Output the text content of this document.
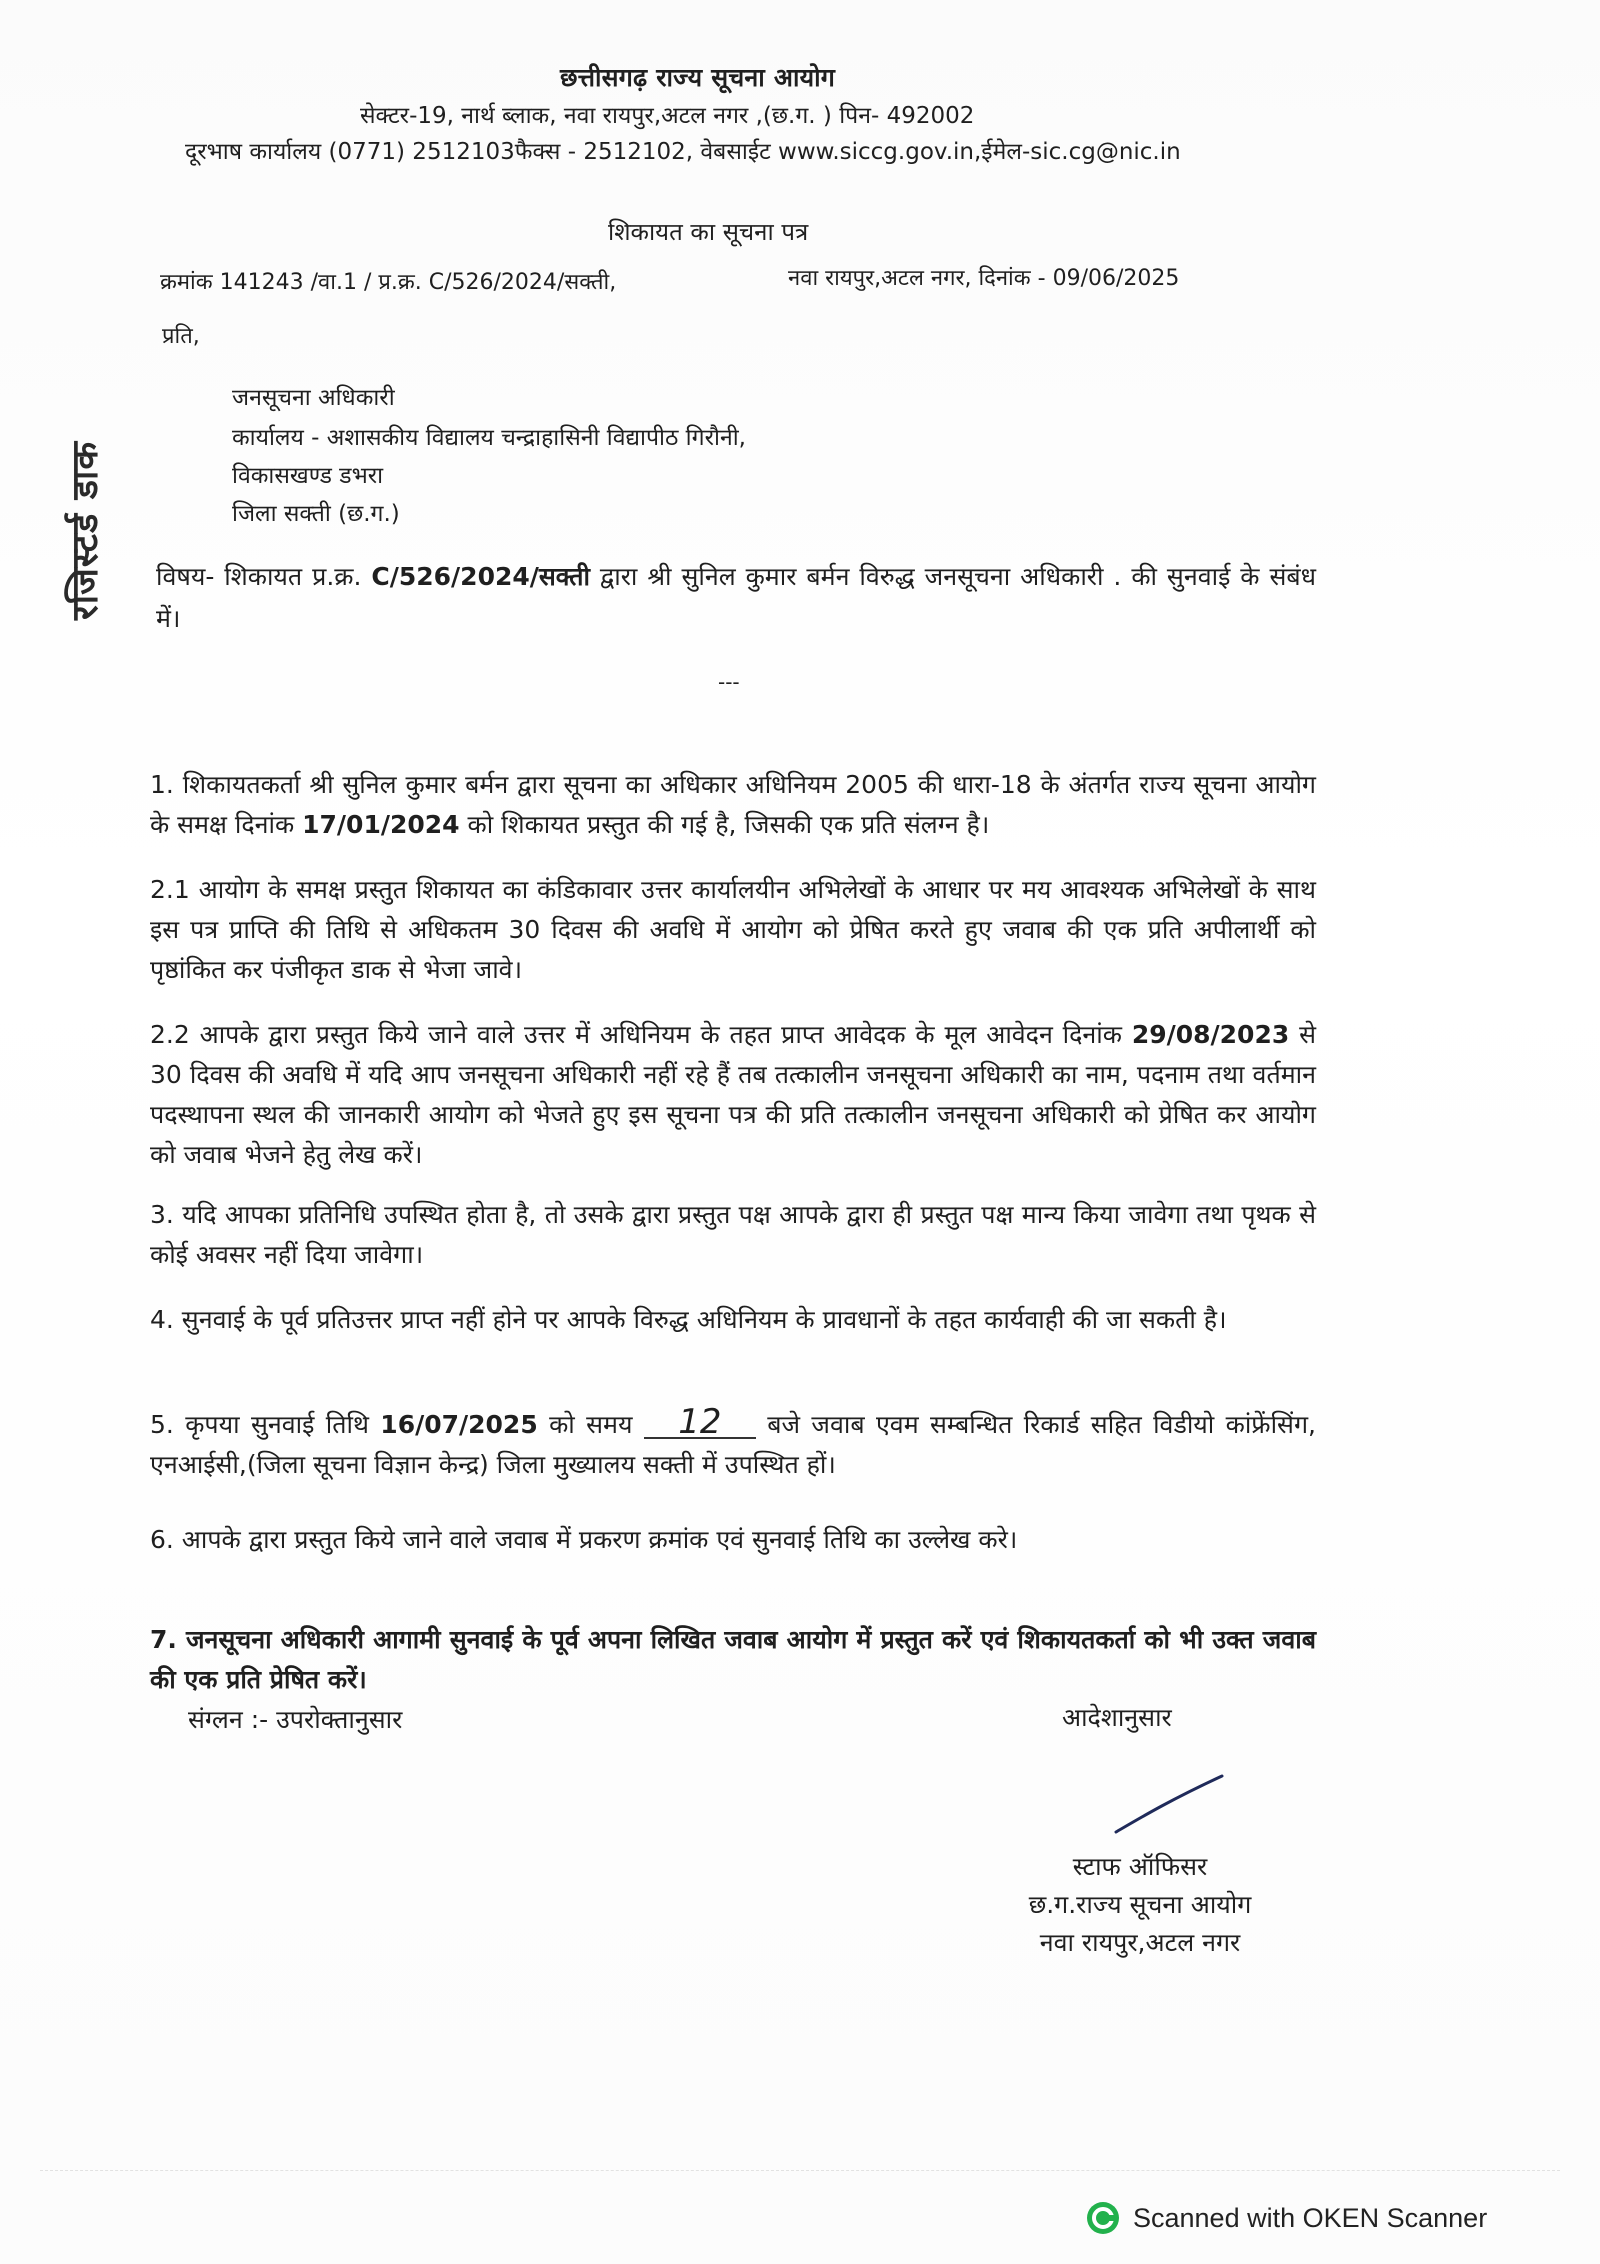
छत्तीसगढ़ राज्य सूचना आयोग
सेक्टर-19, नार्थ ब्लाक, नवा रायपुर,अटल नगर ,(छ.ग. ) पिन- 492002
दूरभाष कार्यालय (0771) 2512103फैक्स - 2512102, वेबसाईट www.siccg.gov.in,ईमेल-sic.cg@nic.in
शिकायत का सूचना पत्र
क्रमांक 141243 /वा.1 / प्र.क्र. C/526/2024/सक्ती,	नवा रायपुर,अटल नगर, दिनांक - 09/06/2025
प्रति,
जनसूचना अधिकारी
कार्यालय - अशासकीय विद्यालय चन्द्राहासिनी विद्यापीठ गिरौनी,
विकासखण्ड डभरा
जिला सक्ती (छ.ग.)
रजिस्टर्ड डाक विषय- शिकायत प्र.क्र. C/526/2024/सक्ती द्वारा श्री सुनिल कुमार बर्मन विरुद्ध जनसूचना अधिकारी . की सुनवाई के संबंध में।
---
1. शिकायतकर्ता श्री सुनिल कुमार बर्मन द्वारा सूचना का अधिकार अधिनियम 2005 की धारा-18 के अंतर्गत राज्य सूचना आयोग के समक्ष दिनांक 17/01/2024 को शिकायत प्रस्तुत की गई है, जिसकी एक प्रति संलग्न है।
2.1 आयोग के समक्ष प्रस्तुत शिकायत का कंडिकावार उत्तर कार्यालयीन अभिलेखों के आधार पर मय आवश्यक अभिलेखों के साथ इस पत्र प्राप्ति की तिथि से अधिकतम 30 दिवस की अवधि में आयोग को प्रेषित करते हुए जवाब की एक प्रति अपीलार्थी को पृष्ठांकित कर पंजीकृत डाक से भेजा जावे।
2.2 आपके द्वारा प्रस्तुत किये जाने वाले उत्तर में अधिनियम के तहत प्राप्त आवेदक के मूल आवेदन दिनांक 29/08/2023 से 30 दिवस की अवधि में यदि आप जनसूचना अधिकारी नहीं रहे हैं तब तत्कालीन जनसूचना अधिकारी का नाम, पदनाम तथा वर्तमान पदस्थापना स्थल की जानकारी आयोग को भेजते हुए इस सूचना पत्र की प्रति तत्कालीन जनसूचना अधिकारी को प्रेषित कर आयोग को जवाब भेजने हेतु लेख करें।
3. यदि आपका प्रतिनिधि उपस्थित होता है, तो उसके द्वारा प्रस्तुत पक्ष आपके द्वारा ही प्रस्तुत पक्ष मान्य किया जावेगा तथा पृथक से कोई अवसर नहीं दिया जावेगा।
4. सुनवाई के पूर्व प्रतिउत्तर प्राप्त नहीं होने पर आपके विरुद्ध अधिनियम के प्रावधानों के तहत कार्यवाही की जा सकती है।
5. कृपया सुनवाई तिथि 16/07/2025 को समय 12 बजे जवाब एवम सम्बन्धित रिकार्ड सहित विडीयो कांफ्रेंसिंग, एनआईसी,(जिला सूचना विज्ञान केन्द्र) जिला मुख्यालय सक्ती में उपस्थित हों।
6. आपके द्वारा प्रस्तुत किये जाने वाले जवाब में प्रकरण क्रमांक एवं सुनवाई तिथि का उल्लेख करे।
7. जनसूचना अधिकारी आगामी सुनवाई के पूर्व अपना लिखित जवाब आयोग में प्रस्तुत करें एवं शिकायतकर्ता को भी उक्त जवाब की एक प्रति प्रेषित करें।
संग्लन :- उपरोक्तानुसार	आदेशानुसार
स्टाफ ऑफिसर
छ.ग.राज्य सूचना आयोग
नवा रायपुर,अटल नगर
Scanned with OKEN Scanner
